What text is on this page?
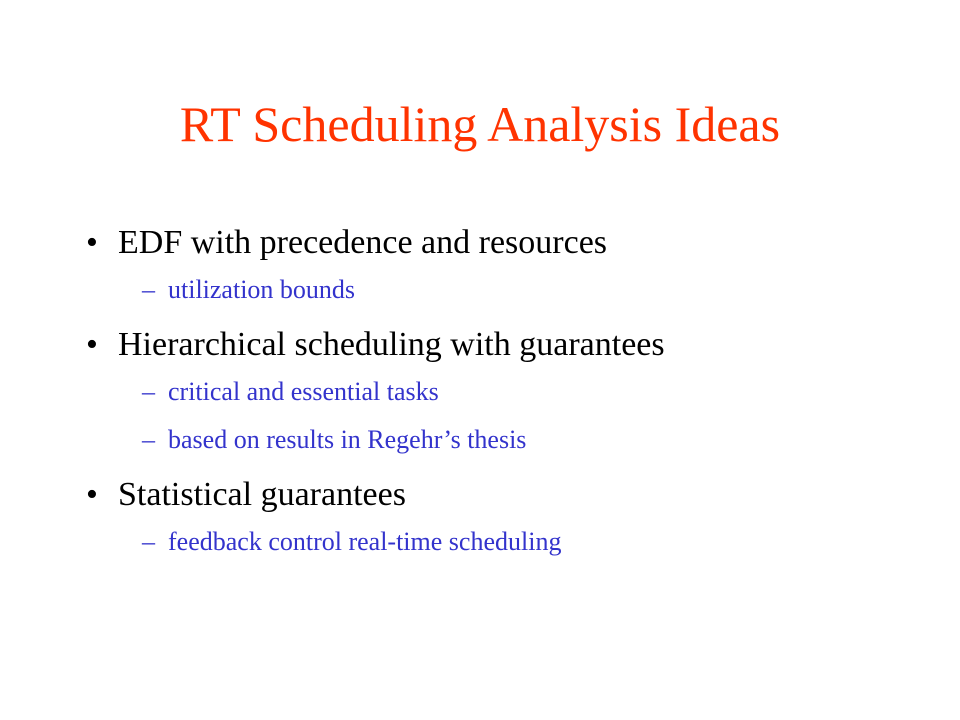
RT Scheduling Analysis Ideas
• EDF with precedence and resources
– utilization bounds
• Hierarchical scheduling with guarantees
– critical and essential tasks
– based on results in Regehr’s thesis
• Statistical guarantees
– feedback control real-time scheduling
